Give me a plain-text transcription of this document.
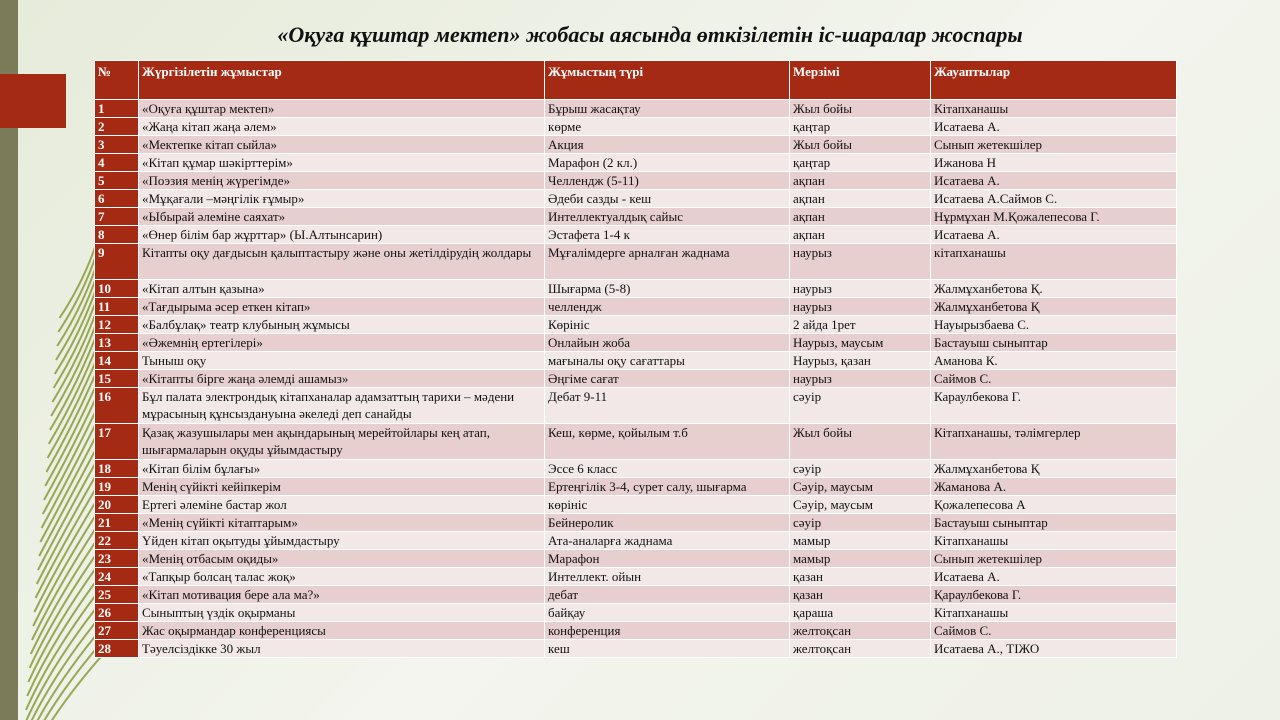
«Оқуға құштар мектеп» жобасы аясында өткізілетін іс-шаралар жоспары
№	Жүргізілетін жұмыстар	Жұмыстың түрі	Мерзімі	Жауаптылар
1	«Оқуға құштар мектеп»	Бұрыш жасақтау	Жыл бойы	Кітапханашы
2	«Жаңа кітап жаңа әлем»	көрме	қаңтар	Исатаева А.
3	«Мектепке кітап сыйла»	Акция	Жыл бойы	Сынып жетекшілер
4	«Кітап құмар шәкірттерім»	Марафон (2 кл.)	қаңтар	Ижанова Н
5	«Поэзия менің жүрегімде»	Челлендж (5-11)	ақпан	Исатаева А.
6	«Мұқағали –мәңгілік ғұмыр»	Әдеби сазды - кеш	ақпан	Исатаева А.Саймов С.
7	«Ыбырай әлеміне саяхат»	Интеллектуалдық сайыс	ақпан	Нұрмұхан М.Қожалепесова Г.
8	«Өнер білім бар жұрттар» (Ы.Алтынсарин)	Эстафета 1-4 к	ақпан	Исатаева А.
9	Кітапты оқу дағдысын қалыптастыру және оны жетілдірудің жолдары	Мұғалімдерге арналған жаднама	наурыз	кітапханашы
10	«Кітап алтын қазына»	Шығарма (5-8)	наурыз	Жалмұханбетова Қ.
11	«Тағдырыма әсер еткен кітап»	челлендж	наурыз	Жалмұханбетова Қ
12	«Балбұлақ» театр клубының жұмысы	Көрініс	2 айда 1рет	Науырызбаева С.
13	«Әжемнің ертегілері»	Онлайын жоба	Наурыз, маусым	Бастауыш сыныптар
14	Тыныш оқу	мағыналы оқу сағаттары	Наурыз, қазан	Аманова К.
15	«Кітапты бірге жаңа әлемді ашамыз»	Әңгіме сағат	наурыз	Саймов С.
16	Бұл палата электрондық кітапханалар адамзаттың тарихи – мәдени мұрасының құнсыздануына әкеледі деп санайды	Дебат 9-11	сәуір	Караулбекова Г.
17	Қазақ жазушылары мен ақындарының мерейтойлары кең атап, шығармаларын оқуды ұйымдастыру	Кеш, көрме, қойылым т.б	Жыл бойы	Кітапханашы, тәлімгерлер
18	«Кітап білім бұлағы»	Эссе 6 класс	сәуір	Жалмұханбетова Қ
19	Менің сүйікті кейіпкерім	Ертеңгілік 3-4, сурет салу, шығарма	Сәуір, маусым	Жаманова А.
20	Ертегі әлеміне бастар жол	көрініс	Сәуір, маусым	Қожалепесова А
21	«Менің сүйікті кітаптарым»	Бейнеролик	сәуір	Бастауыш сыныптар
22	Үйден кітап оқытуды ұйымдастыру	Ата-аналарға жаднама	мамыр	Кітапханашы
23	«Менің отбасым оқиды»	Марафон	мамыр	Сынып жетекшілер
24	«Тапқыр болсаң талас жоқ»	Интеллект. ойын	қазан	Исатаева А.
25	«Кітап мотивация бере ала ма?»	дебат	қазан	Қараулбекова Г.
26	Сыныптың үздік оқырманы	байқау	қараша	Кітапханашы
27	Жас оқырмандар конференциясы	конференция	желтоқсан	Саймов С.
28	Тәуелсіздікке 30 жыл	кеш	желтоқсан	Исатаева А., ТІЖО
